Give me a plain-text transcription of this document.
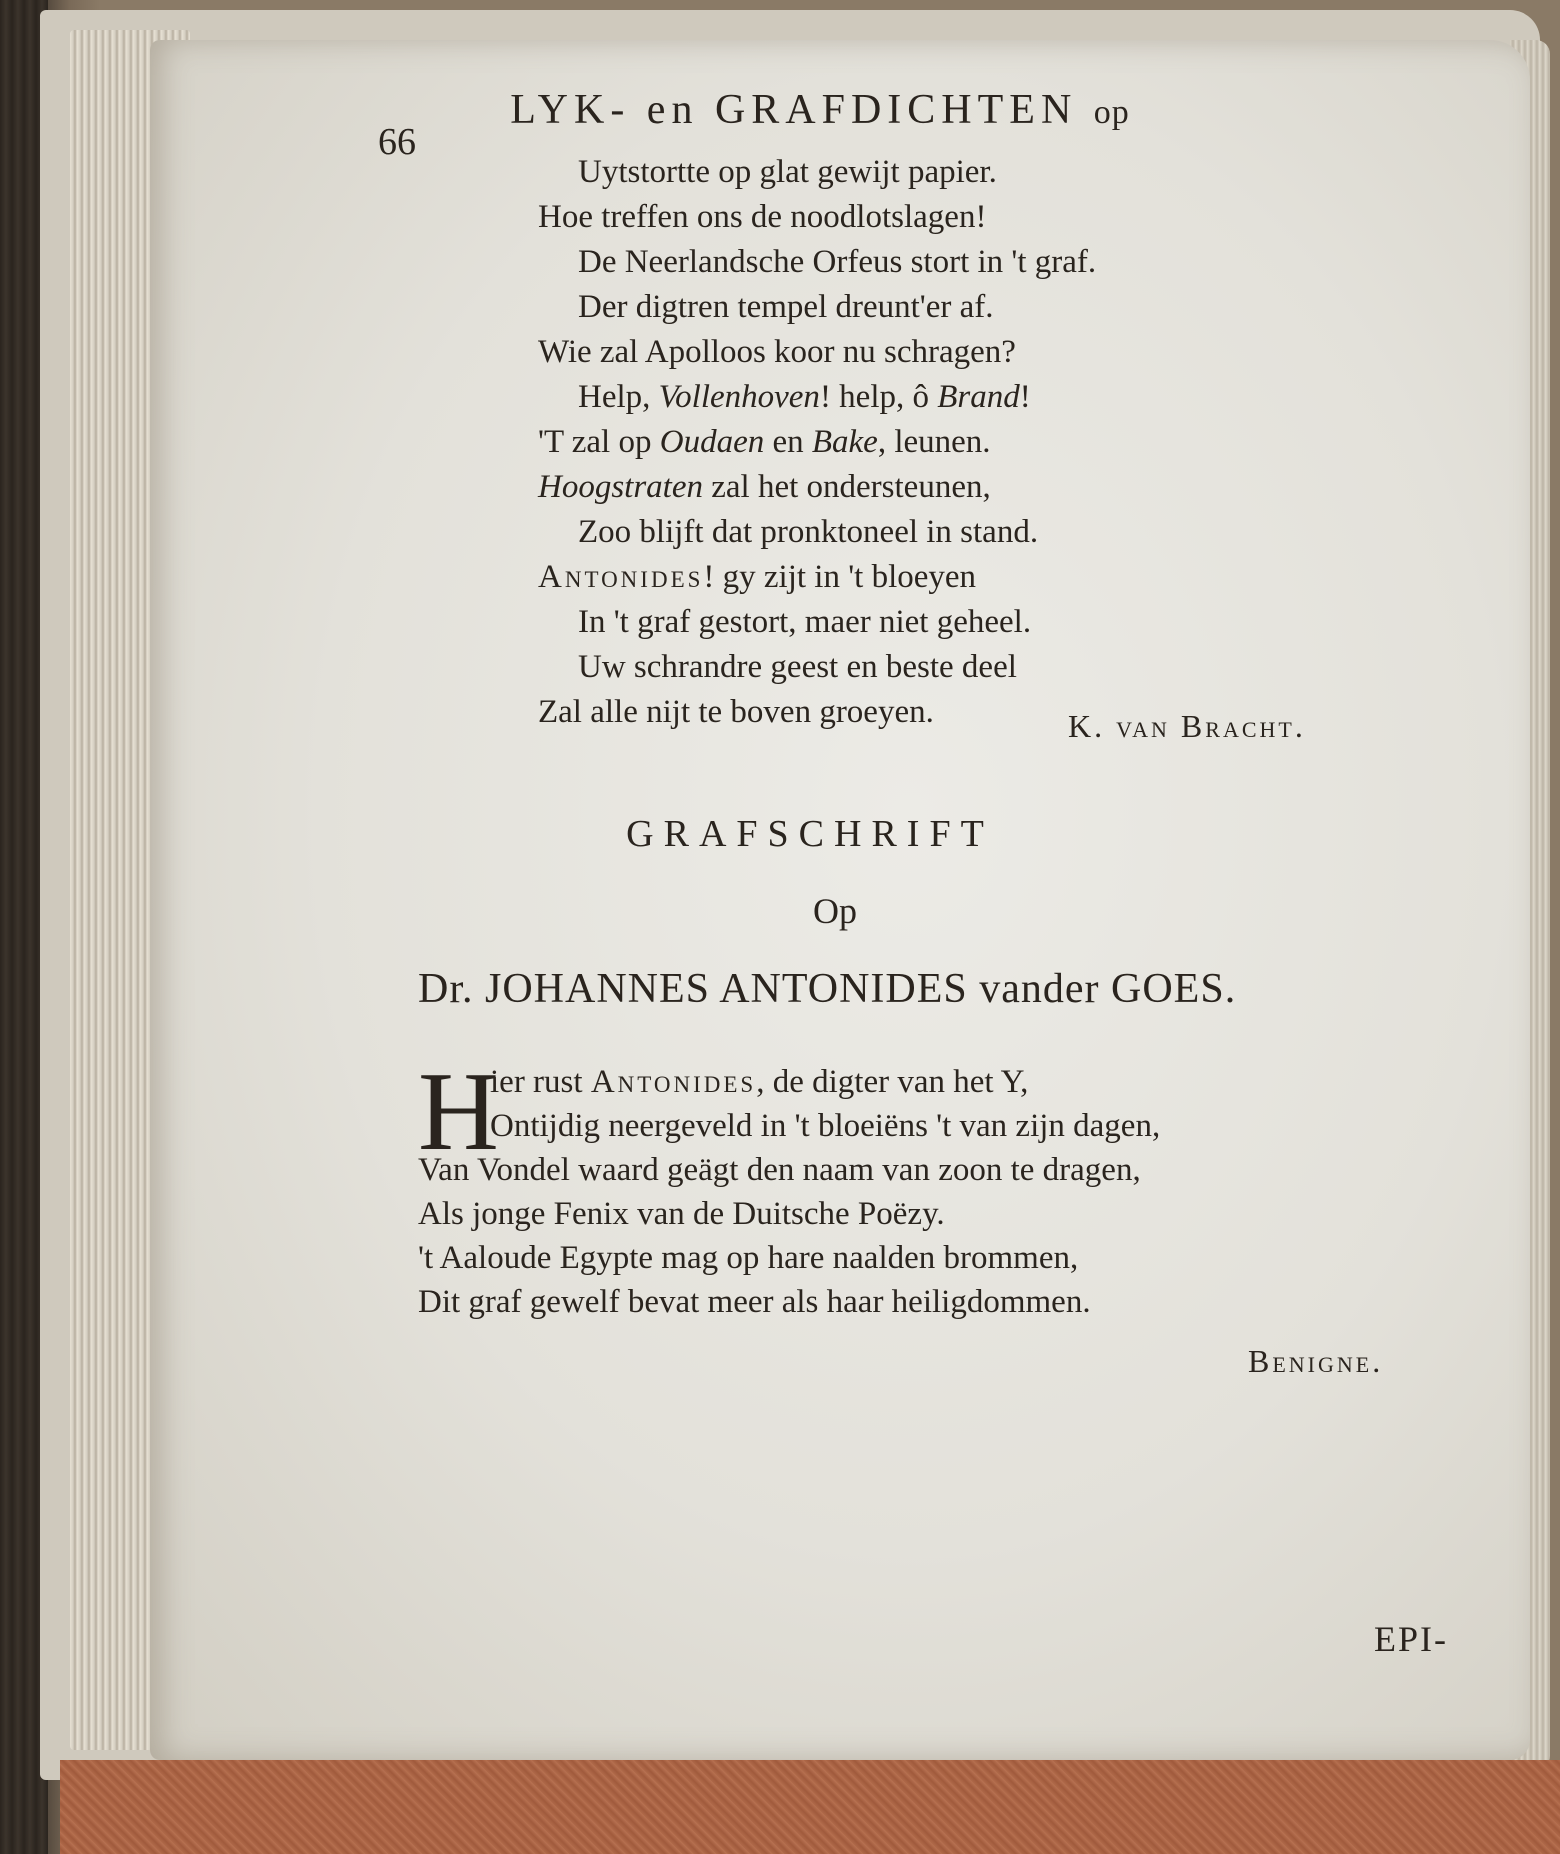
66
LYK- en GRAFDICHTEN op
Uytstortte op glat gewijt papier.
Hoe treffen ons de noodlotslagen!
De Neerlandsche Orfeus stort in 't graf.
Der digtren tempel dreunt'er af.
Wie zal Apolloos koor nu schragen?
Help, Vollenhoven! help, ô Brand!
'T zal op Oudaen en Bake, leunen.
Hoogstraten zal het ondersteunen,
Zoo blijft dat pronktoneel in stand.
Antonides! gy zijt in 't bloeyen
In 't graf gestort, maer niet geheel.
Uw schrandre geest en beste deel
Zal alle nijt te boven groeyen.	K. van Bracht.
GRAFSCHRIFT
Op
Dr. JOHANNES ANTONIDES vander GOES.
H
ier rust Antonides, de digter van het Y,
Ontijdig neergeveld in 't bloeiëns 't van zijn dagen,
Van Vondel waard geägt den naam van zoon te dragen,
Als jonge Fenix van de Duitsche Poëzy.
't Aaloude Egypte mag op hare naalden brommen,
Dit graf gewelf bevat meer als haar heiligdommen.
Benigne.
EPI-
